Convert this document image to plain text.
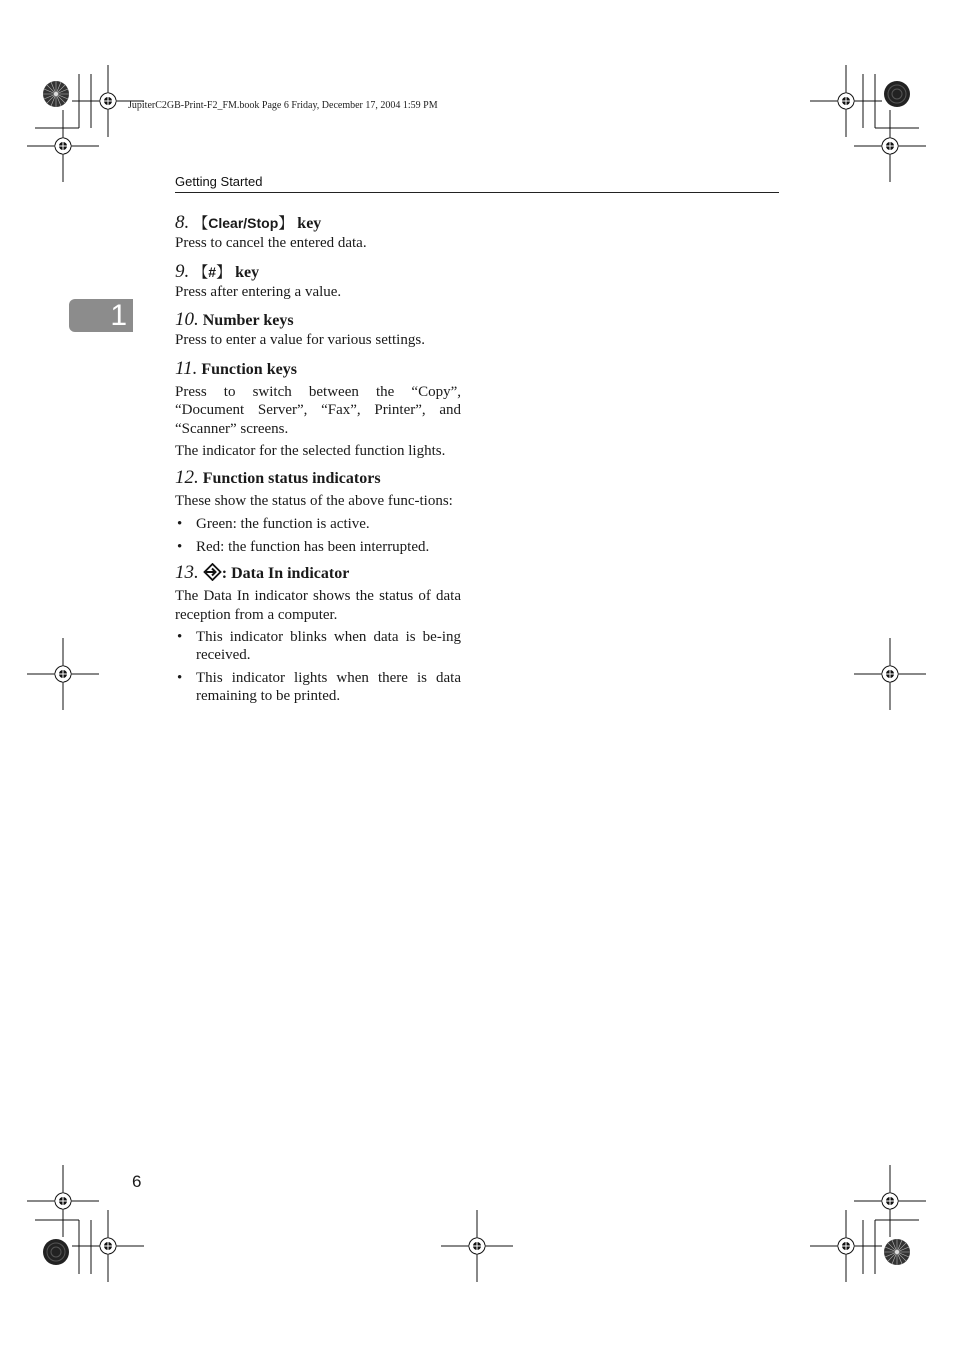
JupiterC2GB-Print-F2_FM.book Page 6 Friday, December 17, 2004 1:59 PM
Getting Started
1

8. 【Clear/Stop】 key

Press to cancel the entered data.

9. 【#】 key

Press after entering a value.

10. Number keys

Press to enter a value for various settings.

11. Function keys

Press to switch between the “Copy”, “Document Server”, “Fax”, Printer”, and “Scanner” screens.

The indicator for the selected function lights.

12. Function status indicators

These show the status of the above func-tions:

• Green: the function is active.
• Red: the function has been interrupted.

13. : Data In indicator

The Data In indicator shows the status of data reception from a computer.

• This indicator blinks when data is be-ing received.
• This indicator lights when there is data remaining to be printed.
6
